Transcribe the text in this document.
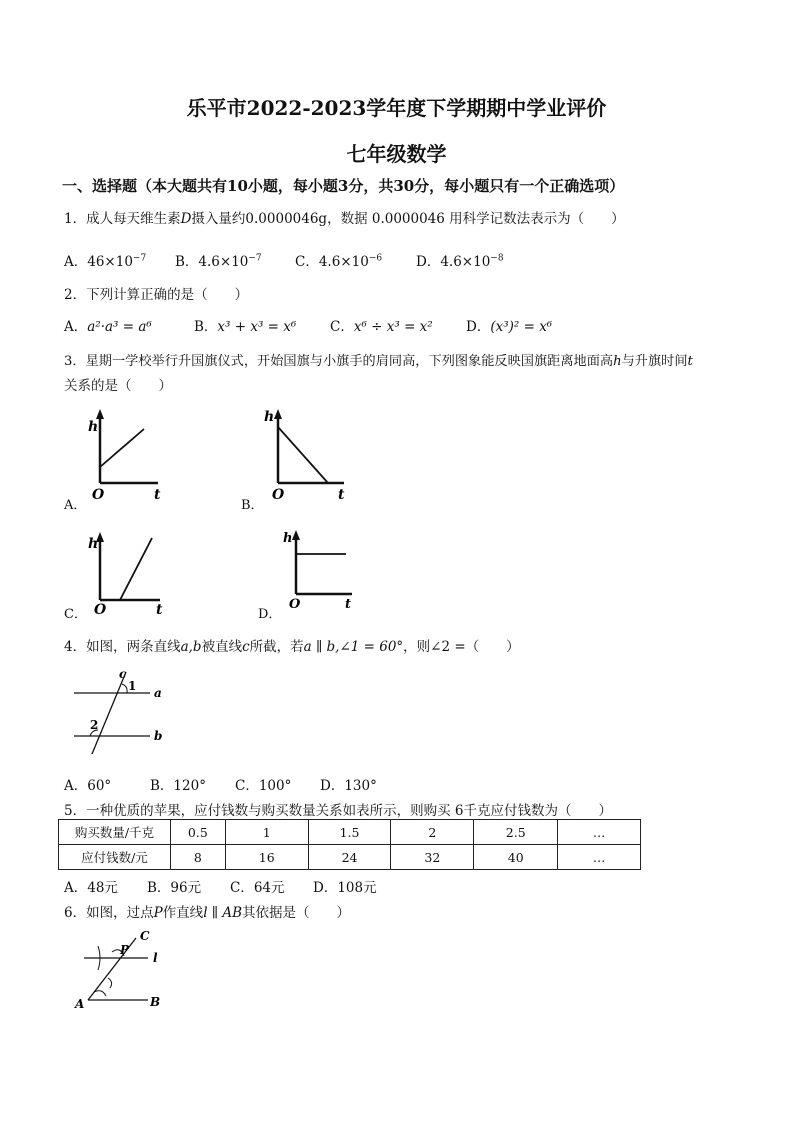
乐平市2022-2023学年度下学期期中学业评价
七年级数学
一、选择题（本大题共有10小题，每小题3分，共30分，每小题只有一个正确选项）
1．成人每天维生素D摄入量约0.0000046g，数据 0.0000046 用科学记数法表示为（　　）
A．$46\times 10^{-7}$ B．$4.6\times 10^{-7}$ C．$4.6\times 10^{-6}$	D．$4.6\times 10^{-8}$
2．下列计算正确的是（　　）
A．a²·a³ = a⁶	B．x³ + x³ = x⁶ C．x⁶ ÷ x³ = x² D．(x³)² = x⁶
3．星期一学校举行升国旗仪式，开始国旗与小旗手的肩同高，下列图象能反映国旗距离地面高h与升旗时间t
关系的是（　　）
h
O	t
A．
h
O	t
B．
h
O	t
C．
h
O	t
D．
4．如图，两条直线a,b被直线c所截，若a ∥ b,∠1 = 60°，则∠2 =（　　）
c
1
2
a
b
A．60°	B．120° C．100° D．130°
5．一种优质的苹果，应付钱数与购买数量关系如表所示，则购买 6千克应付钱数为（　　）
购买数量/千克	0.5	1	1.5	2	2.5	…
应付钱数/元	8	16	24	32	40	…
A．48元 B．96元 C．64元 D．108元
6．如图，过点P作直线l ∥ AB其依据是（　　）
C
P
l
A	B
